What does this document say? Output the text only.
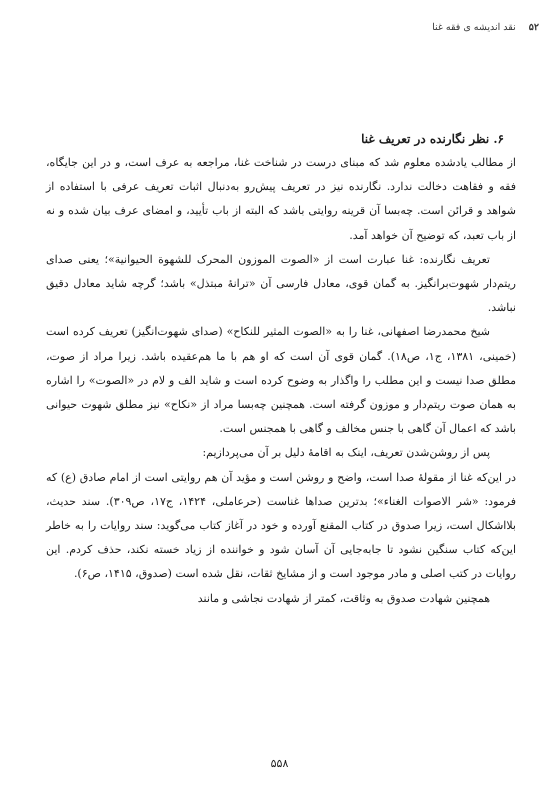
۵۲ نقد اندیشه ی فقه غنا
۶. نظر نگارنده در تعریف غنا

از مطالب یادشده معلوم شد که مبنای درست در شناخت غنا، مراجعه به عرف است، و در این جایگاه، فقه و فقاهت دخالت ندارد. نگارنده نیز در تعریف پیش‌رو به‌دنبال اثبات تعریف عرفی با استفاده از شواهد و قرائن است. چه‌بسا آن قرینه روایتی باشد که البته از باب تأیید، و امضای عرف بیان شده و نه از باب تعبد، که توضیح آن خواهد آمد.

تعریف نگارنده: غنا عبارت است از «الصوت الموزون المحرک للشهوة الحیوانیة»؛ یعنی صدای ریتم‌دار شهوت‌برانگیز. به گمان قوی، معادل فارسی آن «ترانهٔ مبتذل» باشد؛ گرچه شاید معادل دقیق نباشد.

شیخ محمدرضا اصفهانی، غنا را به «الصوت المثیر للنکاح» (صدای شهوت‌انگیز) تعریف کرده است (خمینی، ۱۳۸۱، ج۱، ص۱۸). گمان قوی آن است که او هم با ما هم‌عقیده باشد. زیرا مراد از صوت، مطلق صدا نیست و این مطلب را واگذار به وضوح کرده است و شاید الف و لام در «الصوت» را اشاره به همان صوت ریتم‌دار و موزون گرفته است. همچنین چه‌بسا مراد از «نکاح» نیز مطلق شهوت حیوانی باشد که اعمال آن گاهی با جنس مخالف و گاهی با همجنس است.

پس از روشن‌شدن تعریف، اینک به اقامهٔ دلیل بر آن می‌پردازیم:

در این‌که غنا از مقولهٔ صدا است، واضح و روشن است و مؤید آن هم روایتی است از امام صادق (ع) که فرمود: «شر الاصوات الغناء»؛ بدترین صداها غناست (حرعاملی، ۱۴۲۴، ج۱۷، ص۳۰۹). سند حدیث، بلااشکال است، زیرا صدوق در کتاب المقنع آورده و خود در آغاز کتاب می‌گوید: سند روایات را به خاطر این‌که کتاب سنگین نشود تا جابه‌جایی آن آسان شود و خواننده از زیاد خسته نکند، حذف کردم. این روایات در کتب اصلی و مادر موجود است و از مشایخ ثقات، نقل شده است (صدوق، ۱۴۱۵، ص۶).

همچنین شهادت صدوق به وثاقت، کمتر از شهادت نجاشی و مانند

۵۵۸
